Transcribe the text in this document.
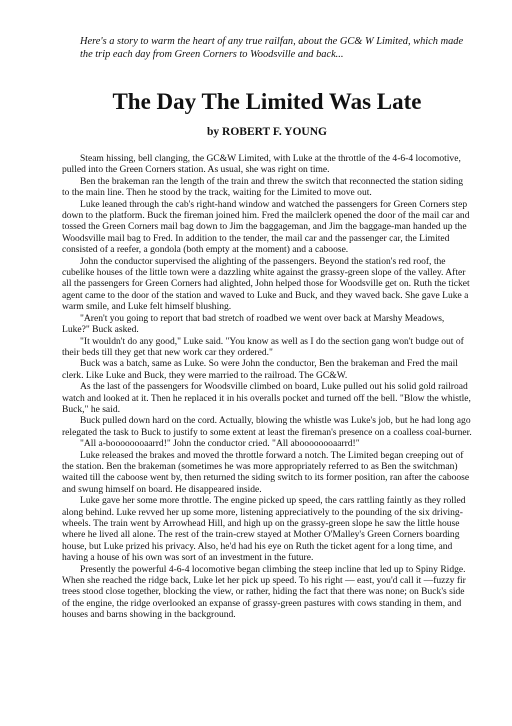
Here's a story to warm the heart of any true railfan, about the GC& W Limited, which made the trip each day from Green Corners to Woodsville and back...

The Day The Limited Was Late
by ROBERT F. YOUNG

Steam hissing, bell clanging, the GC&W Limited, with Luke at the throttle of the 4-6-4 locomotive, pulled into the Green Corners station. As usual, she was right on time.

Ben the brakeman ran the length of the train and threw the switch that reconnected the station siding to the main line. Then he stood by the track, waiting for the Limited to move out.

Luke leaned through the cab's right-hand window and watched the passengers for Green Corners step down to the platform. Buck the fireman joined him. Fred the mailclerk opened the door of the mail car and tossed the Green Corners mail bag down to Jim the baggageman, and Jim the baggage-man handed up the Woodsville mail bag to Fred. In addition to the tender, the mail car and the passenger car, the Limited consisted of a reefer, a gondola (both empty at the moment) and a caboose.

John the conductor supervised the alighting of the passengers. Beyond the station's red roof, the cubelike houses of the little town were a dazzling white against the grassy-green slope of the valley. After all the passengers for Green Corners had alighted, John helped those for Woodsville get on. Ruth the ticket agent came to the door of the station and waved to Luke and Buck, and they waved back. She gave Luke a warm smile, and Luke felt himself blushing.

"Aren't you going to report that bad stretch of roadbed we went over back at Marshy Meadows, Luke?" Buck asked.

"It wouldn't do any good," Luke said. "You know as well as I do the section gang won't budge out of their beds till they get that new work car they ordered."

Buck was a batch, same as Luke. So were John the conductor, Ben the brakeman and Fred the mail clerk. Like Luke and Buck, they were married to the railroad. The GC&W.

As the last of the passengers for Woodsville climbed on board, Luke pulled out his solid gold railroad watch and looked at it. Then he replaced it in his overalls pocket and turned off the bell. "Blow the whistle, Buck," he said.

Buck pulled down hard on the cord. Actually, blowing the whistle was Luke's job, but he had long ago relegated the task to Buck to justify to some extent at least the fireman's presence on a coalless coal-burner.

"All a-boooooooaarrd!" John the conductor cried. "All aboooooooaarrd!"

Luke released the brakes and moved the throttle forward a notch. The Limited began creeping out of the station. Ben the brakeman (sometimes he was more appropriately referred to as Ben the switchman) waited till the caboose went by, then returned the siding switch to its former position, ran after the caboose and swung himself on board. He disappeared inside.

Luke gave her some more throttle. The engine picked up speed, the cars rattling faintly as they rolled along behind. Luke revved her up some more, listening appreciatively to the pounding of the six driving-wheels. The train went by Arrowhead Hill, and high up on the grassy-green slope he saw the little house where he lived all alone. The rest of the train-crew stayed at Mother O'Malley's Green Corners boarding house, but Luke prized his privacy. Also, he'd had his eye on Ruth the ticket agent for a long time, and having a house of his own was sort of an investment in the future.

Presently the powerful 4-6-4 locomotive began climbing the steep incline that led up to Spiny Ridge. When she reached the ridge back, Luke let her pick up speed. To his right — east, you'd call it —fuzzy fir trees stood close together, blocking the view, or rather, hiding the fact that there was none; on Buck's side of the engine, the ridge overlooked an expanse of grassy-green pastures with cows standing in them, and houses and barns showing in the background.
